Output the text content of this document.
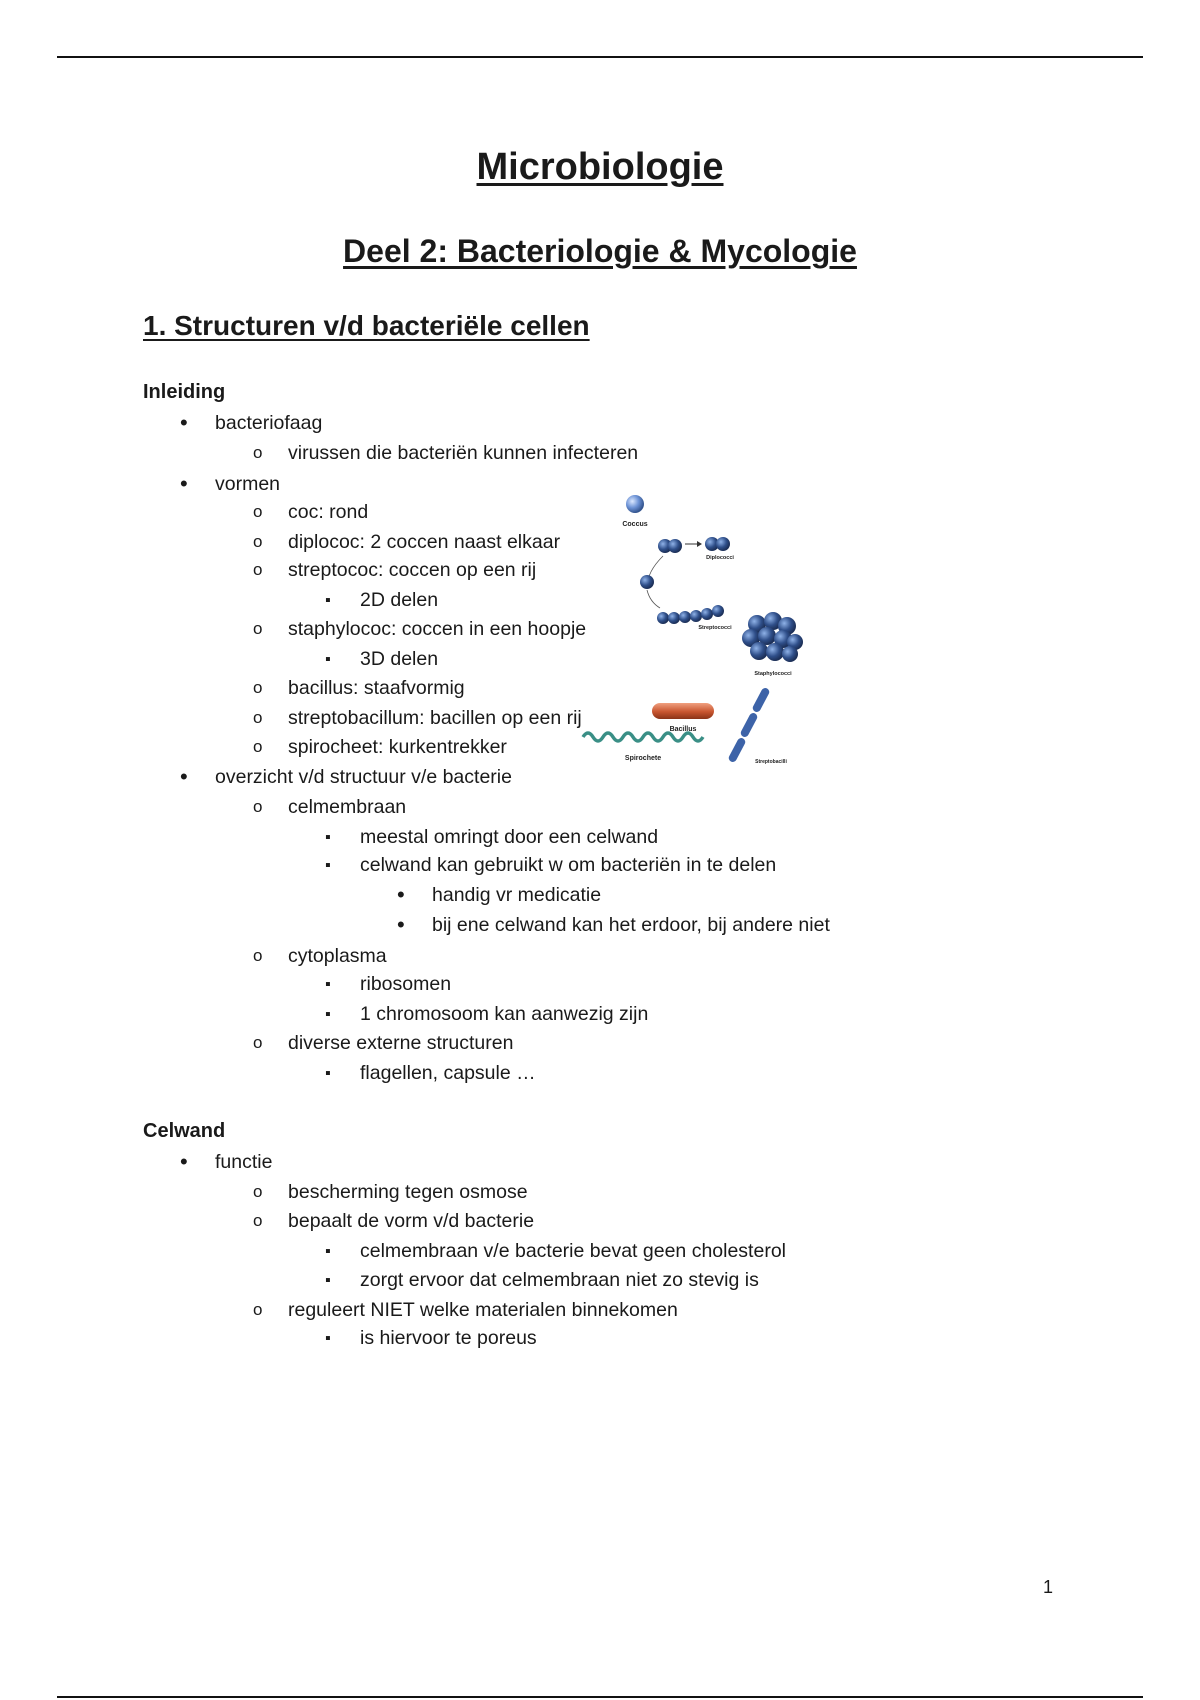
Microbiologie
Deel 2: Bacteriologie & Mycologie
1. Structuren v/d bacteriële cellen
Inleiding
•
bacteriofaag
o
virussen die bacteriën kunnen infecteren
•
vormen
o
coc: rond
o
diplococ: 2 coccen naast elkaar
o
streptococ: coccen op een rij
▪
2D delen
o
staphylococ: coccen in een hoopje
▪
3D delen
o
bacillus: staafvormig
o
streptobacillum: bacillen op een rij
o
spirocheet: kurkentrekker
•
overzicht v/d structuur v/e bacterie
o
celmembraan
▪
meestal omringt door een celwand
▪
celwand kan gebruikt w om bacteriën in te delen
•
handig vr medicatie
•
bij ene celwand kan het erdoor, bij andere niet
o
cytoplasma
▪
ribosomen
▪
1 chromosoom kan aanwezig zijn
o
diverse externe structuren
▪
flagellen, capsule …
Celwand
•
functie
o
bescherming tegen osmose
o
bepaalt de vorm v/d bacterie
▪
celmembraan v/e bacterie bevat geen cholesterol
▪
zorgt ervoor dat celmembraan niet zo stevig is
o
reguleert NIET welke materialen binnekomen
▪
is hiervoor te poreus
Coccus
Diplococci
Streptococci
Staphylococci
Bacillus
Spirochete	Streptobacilli
1
